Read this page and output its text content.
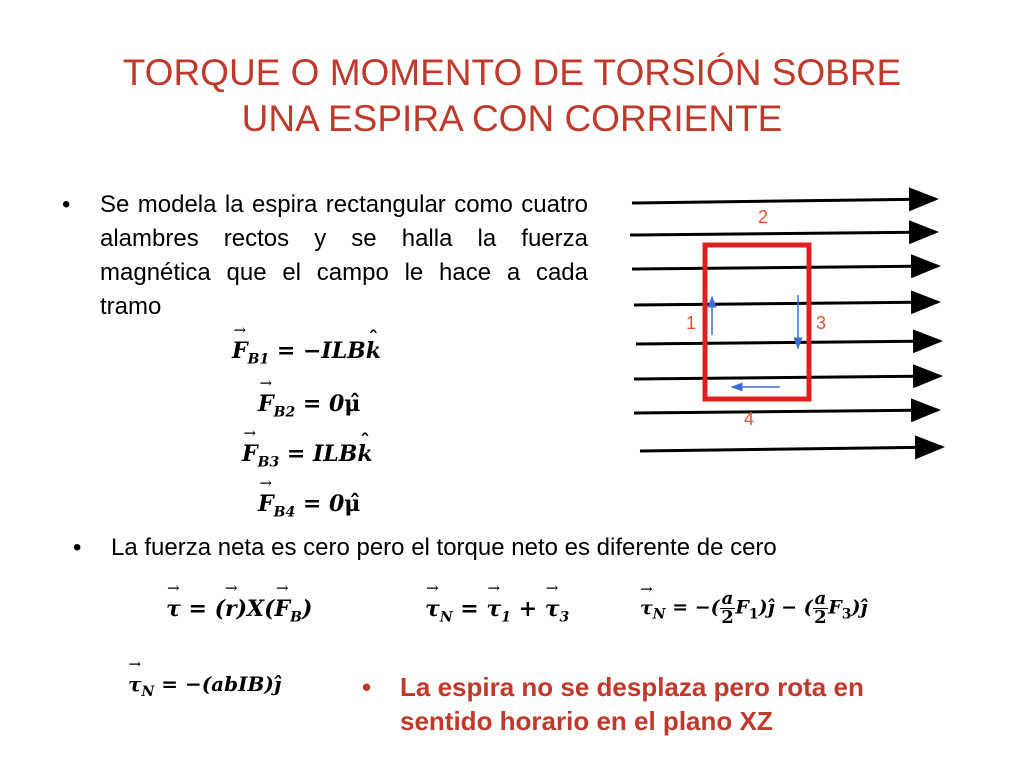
TORQUE O MOMENTO DE TORSIÓN SOBRE
UNA ESPIRA CON CORRIENTE
• Se modela la espira rectangular como cuatro alambres rectos y se halla la fuerza magnética que el campo le hace a cada tramo
→ $F_{B1}$ = −ILBˆ k
→ $F_{B2}$ = 0μ̂
→ $F_{B3}$ = ILBˆ k
→ $F_{B4}$ = 0μ̂
1
2
3
4
• La fuerza neta es cero pero el torque neto es diferente de cero
→ τ = (→ $r)X(\to F_B)$	→ $\tau_N$ = → $\tau_1$ + → $\tau_3$	→ $\tau_N$ = −( $\frac{a}{2}$ $F_1)ĵ$ − ( $\frac{a}{2}$ $F_3)ĵ$
→ $\tau_N$ = −(abIB)ĵ	• La espira no se desplaza pero rota en sentido horario en el plano XZ
